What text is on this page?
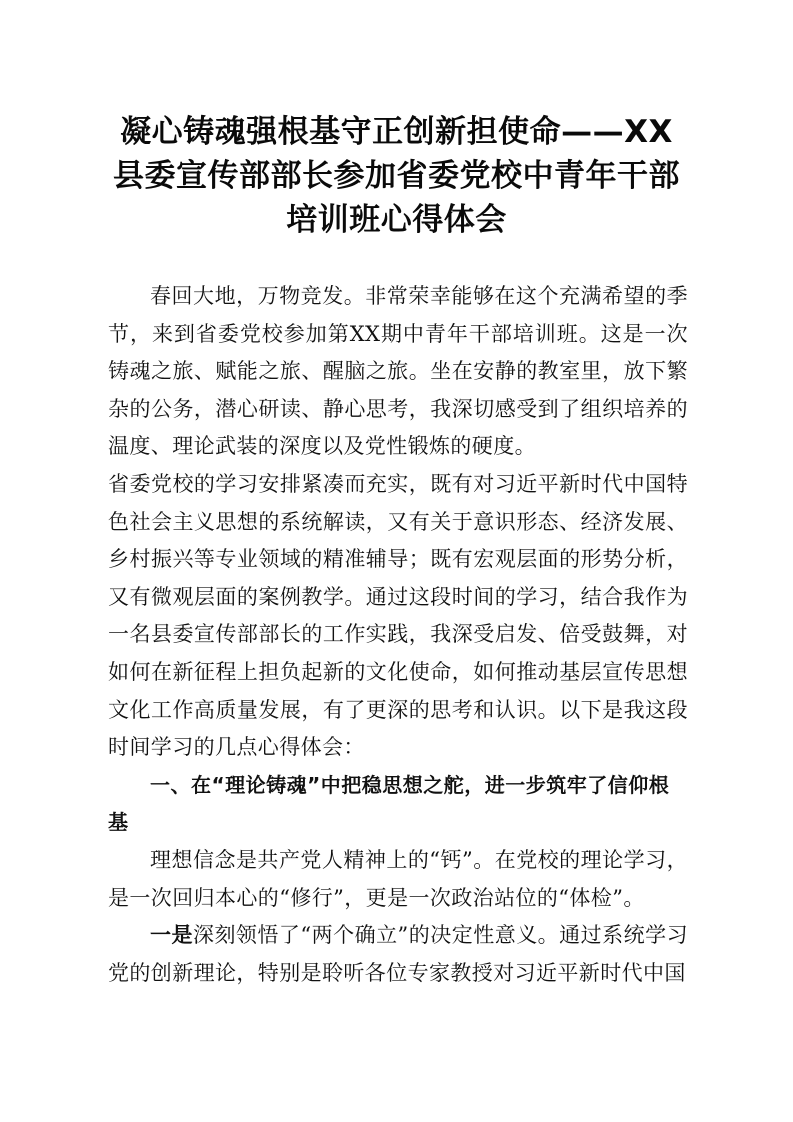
凝心铸魂强根基守正创新担使命——XX
县委宣传部部长参加省委党校中青年干部
培训班心得体会

春回大地，万物竞发。非常荣幸能够在这个充满希望的季节，来到省委党校参加第XX期中青年干部培训班。这是一次铸魂之旅、赋能之旅、醒脑之旅。坐在安静的教室里，放下繁杂的公务，潜心研读、静心思考，我深切感受到了组织培养的温度、理论武装的深度以及党性锻炼的硬度。

省委党校的学习安排紧凑而充实，既有对习近平新时代中国特色社会主义思想的系统解读，又有关于意识形态、经济发展、乡村振兴等专业领域的精准辅导；既有宏观层面的形势分析，又有微观层面的案例教学。通过这段时间的学习，结合我作为一名县委宣传部部长的工作实践，我深受启发、倍受鼓舞，对如何在新征程上担负起新的文化使命，如何推动基层宣传思想文化工作高质量发展，有了更深的思考和认识。以下是我这段时间学习的几点心得体会：

一、在“理论铸魂”中把稳思想之舵，进一步筑牢了信仰根基

理想信念是共产党人精神上的“钙”。在党校的理论学习，是一次回归本心的“修行”，更是一次政治站位的“体检”。

一是深刻领悟了“两个确立”的决定性意义。通过系统学习党的创新理论，特别是聆听各位专家教授对习近平新时代中国
